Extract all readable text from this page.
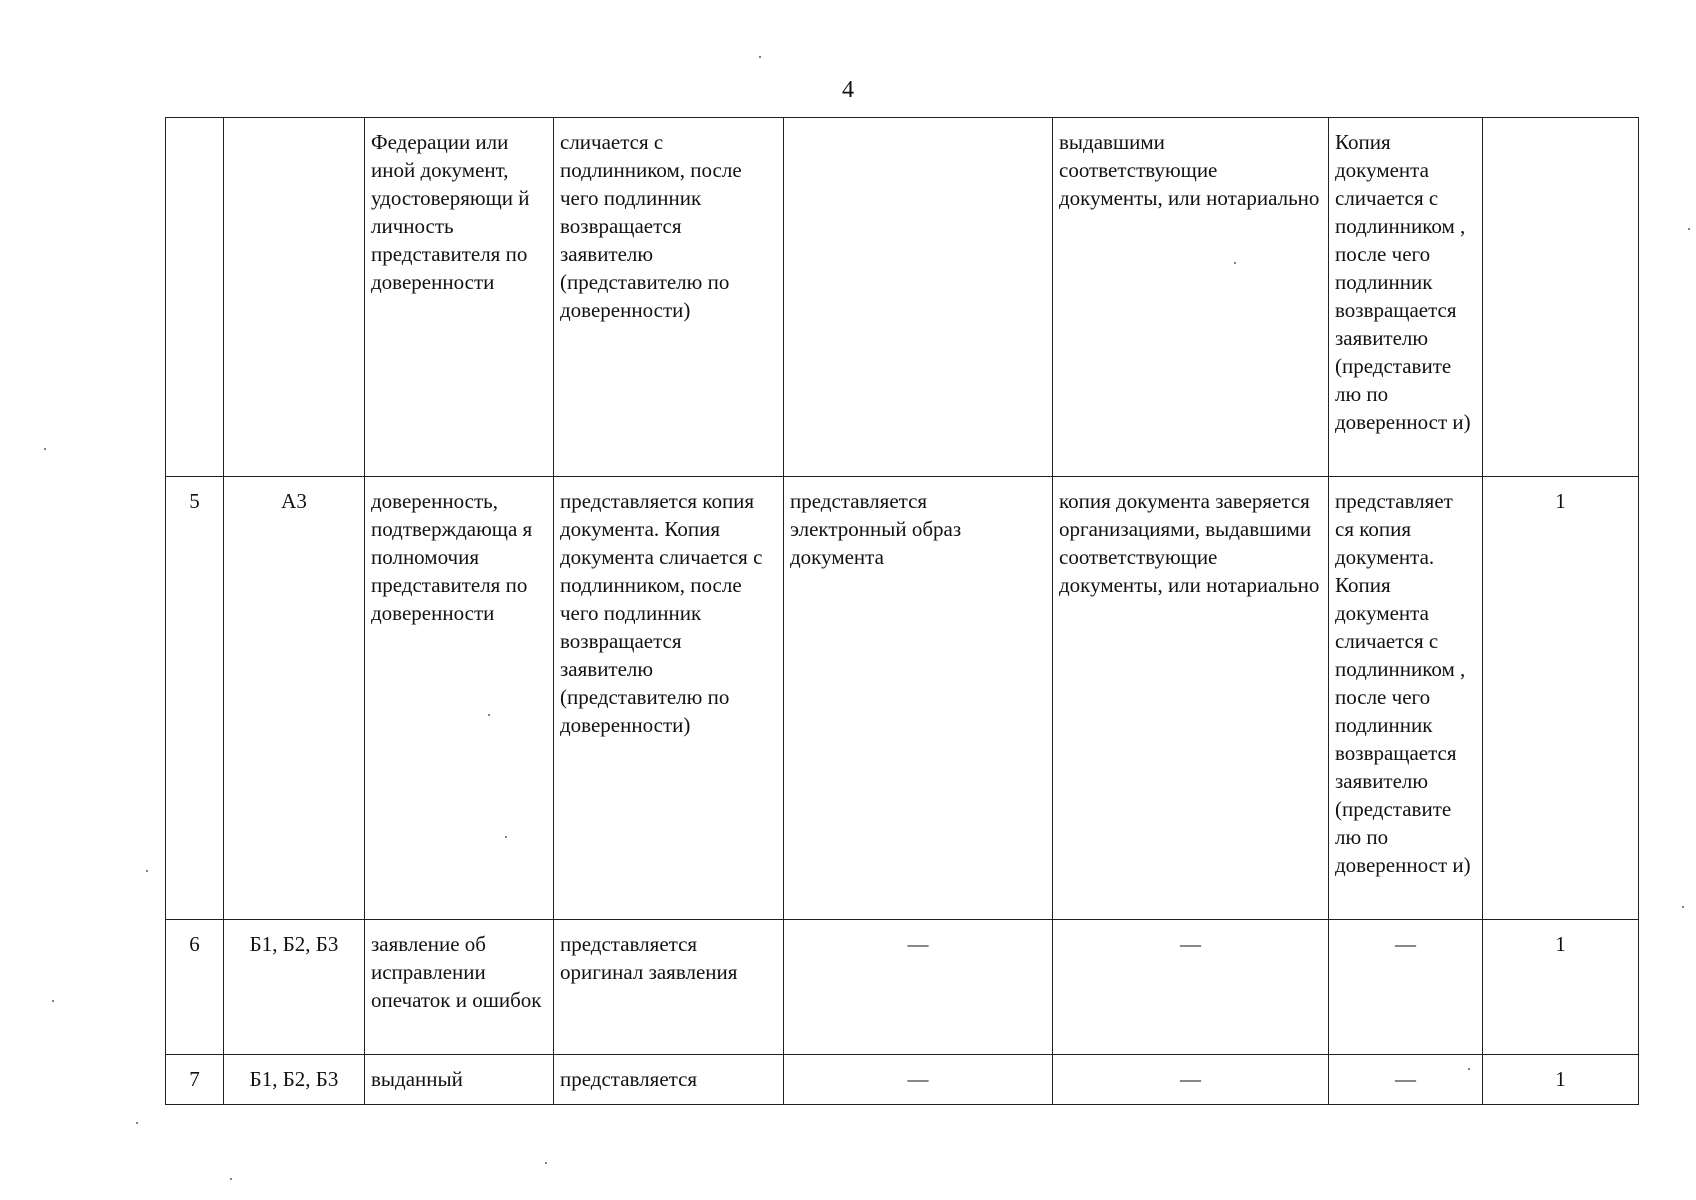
4
		Федерации или иной документ, удостоверяющи й личность представителя по доверенности	сличается с подлинником, после чего подлинник возвращается заявителю (представителю по доверенности)		выдавшими соответствующие документы, или нотариально	Копия документа сличается с подлинником , после чего подлинник возвращается заявителю (представите лю по доверенност и)	
5	А3	доверенность, подтверждающа я полномочия представителя по доверенности	представляется копия документа. Копия документа сличается с подлинником, после чего подлинник возвращается заявителю (представителю по доверенности)	представляется электронный образ документа	копия документа заверяется организациями, выдавшими соответствующие документы, или нотариально	представляет ся копия документа. Копия документа сличается с подлинником , после чего подлинник возвращается заявителю (представите лю по доверенност и)	1
6	Б1, Б2, Б3	заявление об исправлении опечаток и ошибок	представляется оригинал заявления	—	—	—	1
7	Б1, Б2, Б3	выданный	представляется	—	—	—	1
